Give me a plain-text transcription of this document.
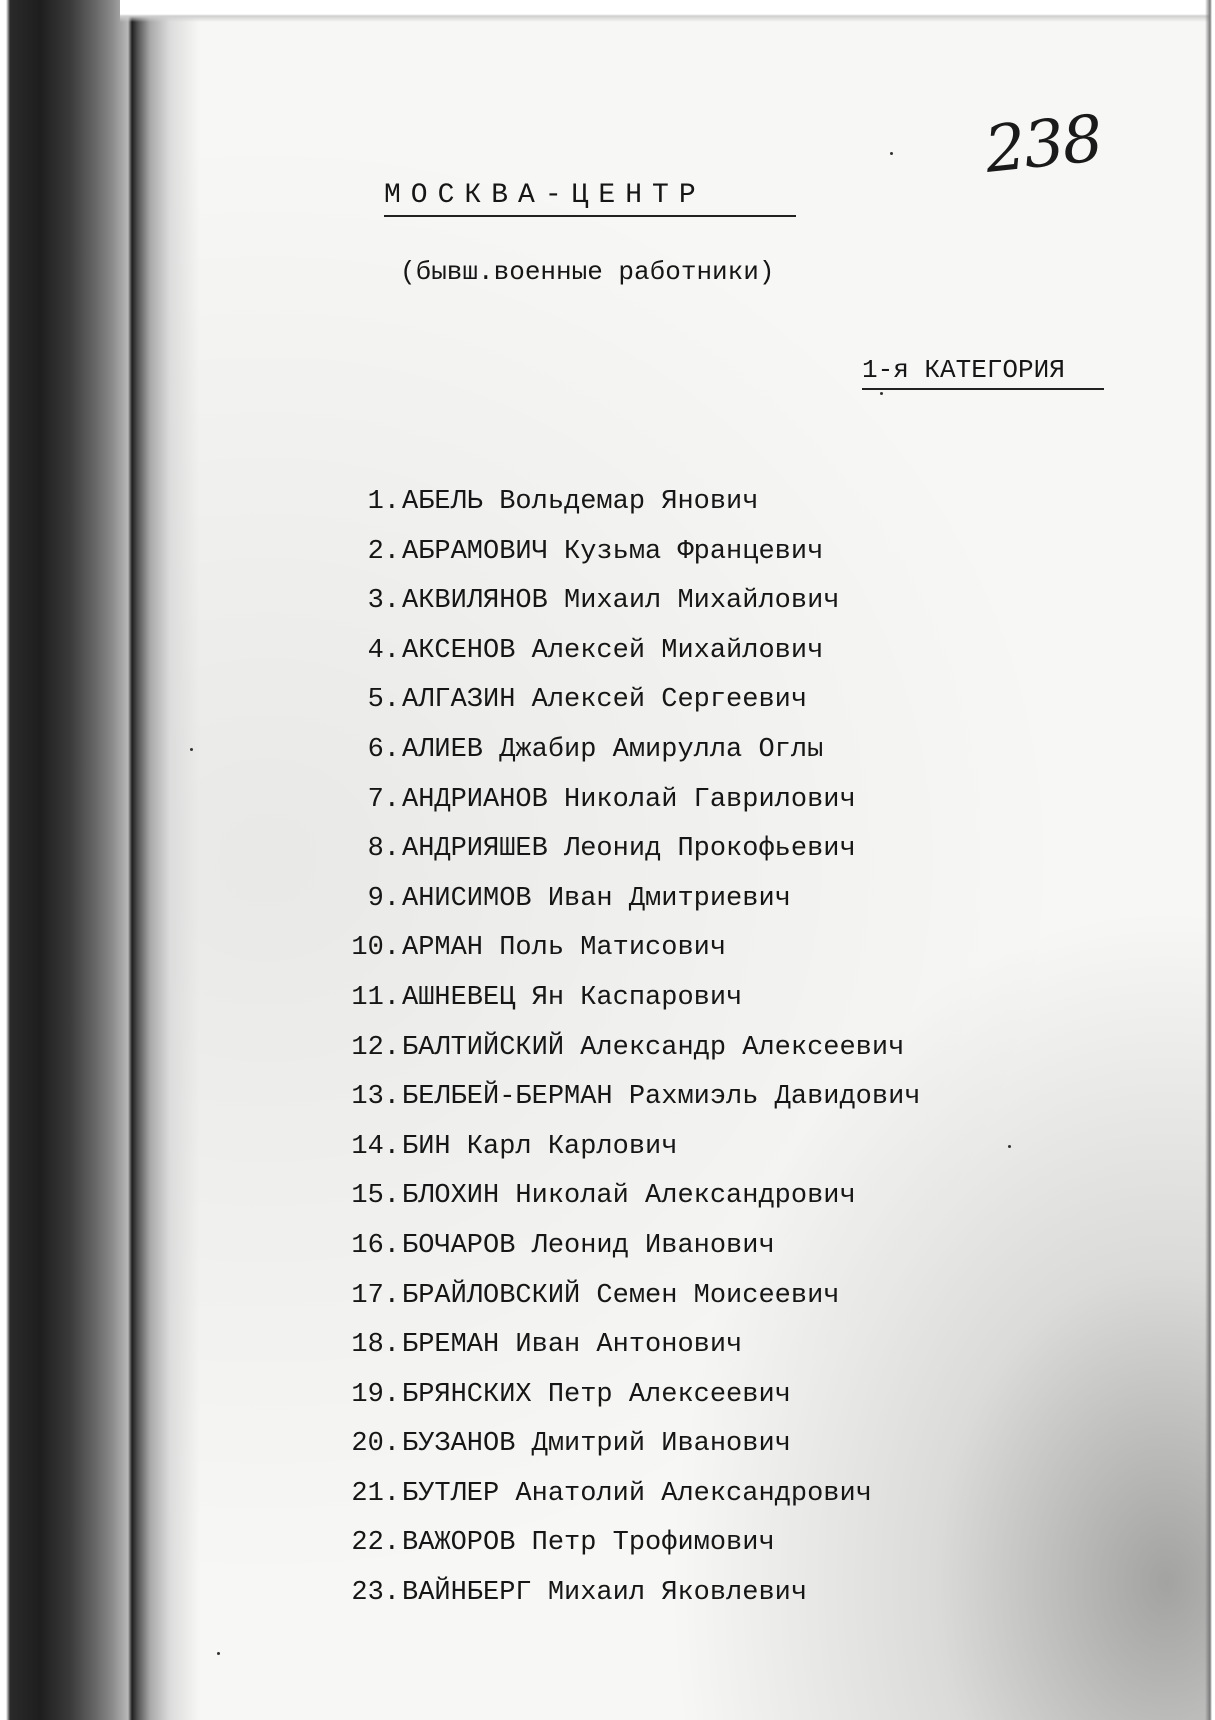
238
МОСКВА-ЦЕНТР
(бывш.военные работники)
1-я КАТЕГОРИЯ
1.АБЕЛЬ Вольдемар Янович
2.АБРАМОВИЧ Кузьма Францевич
3.АКВИЛЯНОВ Михаил Михайлович
4.АКСЕНОВ Алексей Михайлович
5.АЛГАЗИН Алексей Сергеевич
6.АЛИЕВ Джабир Амирулла Оглы
7.АНДРИАНОВ Николай Гаврилович
8.АНДРИЯШЕВ Леонид Прокофьевич
9.АНИСИМОВ Иван Дмитриевич
10.АРМАН Поль Матисович
11.АШНЕВЕЦ Ян Каспарович
12.БАЛТИЙСКИЙ Александр Алексеевич
13.БЕЛБЕЙ-БЕРМАН Рахмиэль Давидович
14.БИН Карл Карлович
15.БЛОХИН Николай Александрович
16.БОЧАРОВ Леонид Иванович
17.БРАЙЛОВСКИЙ Семен Моисеевич
18.БРЕМАН Иван Антонович
19.БРЯНСКИХ Петр Алексеевич
20.БУЗАНОВ Дмитрий Иванович
21.БУТЛЕР Анатолий Александрович
22.ВАЖОРОВ Петр Трофимович
23.ВАЙНБЕРГ Михаил Яковлевич
